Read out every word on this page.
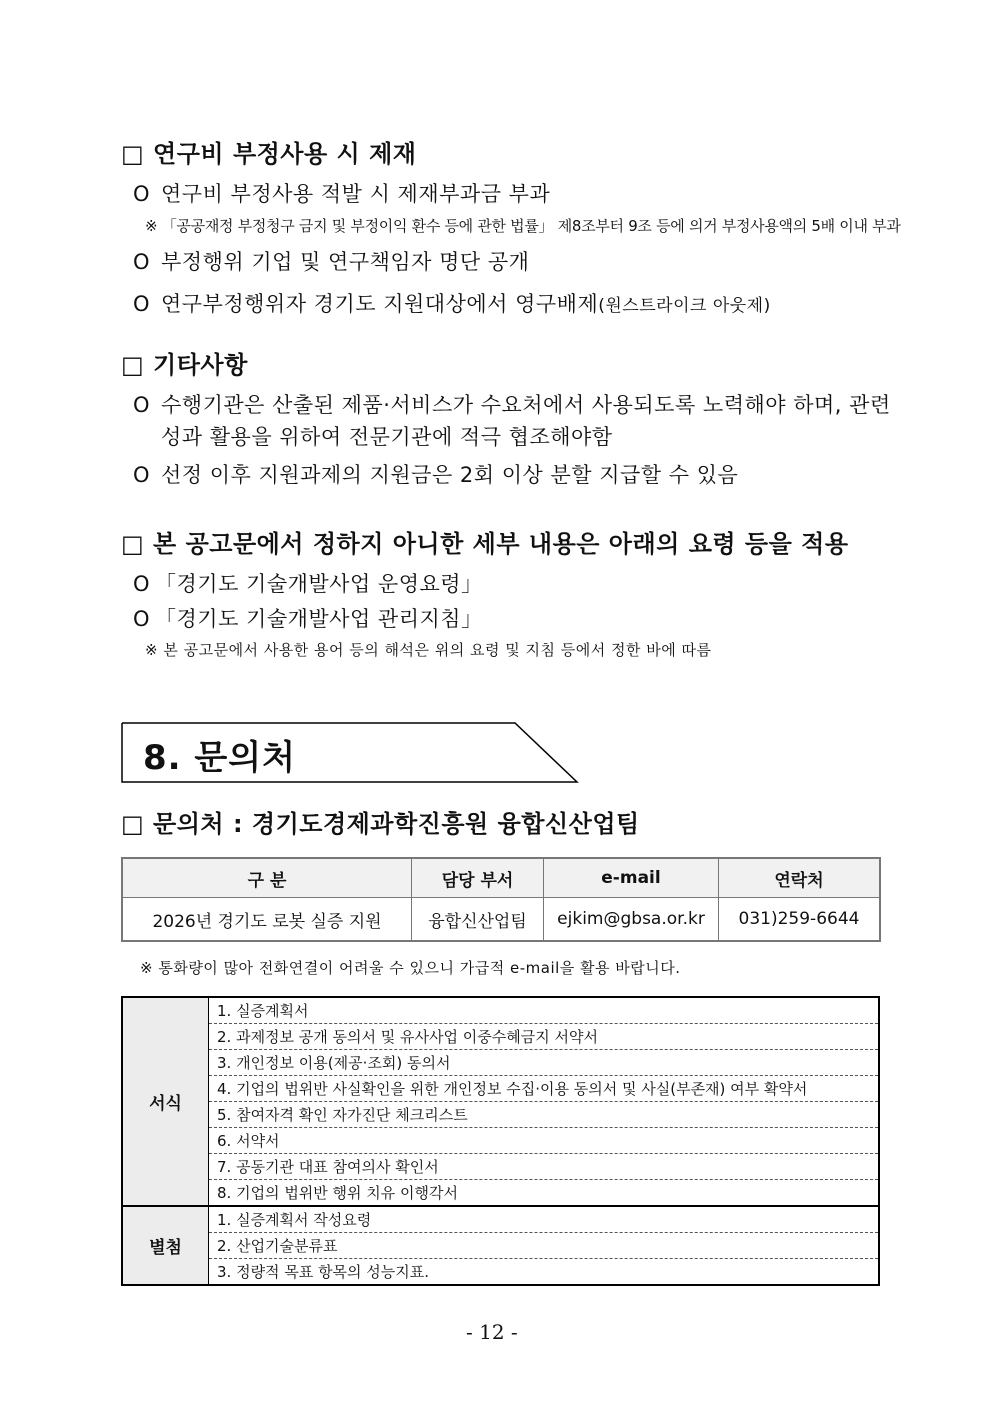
□ 연구비 부정사용 시 제재
O 연구비 부정사용 적발 시 제재부과금 부과
※ 「공공재정 부정청구 금지 및 부정이익 환수 등에 관한 법률」 제8조부터 9조 등에 의거 부정사용액의 5배 이내 부과
O 부정행위 기업 및 연구책임자 명단 공개
O 연구부정행위자 경기도 지원대상에서 영구배제(원스트라이크 아웃제)
□ 기타사항
O 수행기관은 산출된 제품·서비스가 수요처에서 사용되도록 노력해야 하며, 관련
성과 활용을 위하여 전문기관에 적극 협조해야함
O 선정 이후 지원과제의 지원금은 2회 이상 분할 지급할 수 있음
□ 본 공고문에서 정하지 아니한 세부 내용은 아래의 요령 등을 적용
O 「경기도 기술개발사업 운영요령」
O 「경기도 기술개발사업 관리지침」
※ 본 공고문에서 사용한 용어 등의 해석은 위의 요령 및 지침 등에서 정한 바에 따름
8. 문의처
□ 문의처 : 경기도경제과학진흥원 융합신산업팀
구 분	담당 부서	e-mail	연락처
2026년 경기도 로봇 실증 지원	융합신산업팀	ejkim@gbsa.or.kr	031)259-6644
※ 통화량이 많아 전화연결이 어려울 수 있으니 가급적 e-mail을 활용 바랍니다.
서식	1. 실증계획서
	2. 과제정보 공개 동의서 및 유사사업 이중수혜금지 서약서
	3. 개인정보 이용(제공·조회) 동의서
	4. 기업의 법위반 사실확인을 위한 개인정보 수집·이용 동의서 및 사실(부존재) 여부 확약서
	5. 참여자격 확인 자가진단 체크리스트
	6. 서약서
	7. 공동기관 대표 참여의사 확인서
	8. 기업의 법위반 행위 치유 이행각서
별첨	1. 실증계획서 작성요령
	2. 산업기술분류표
	3. 정량적 목표 항목의 성능지표.
- 12 -
